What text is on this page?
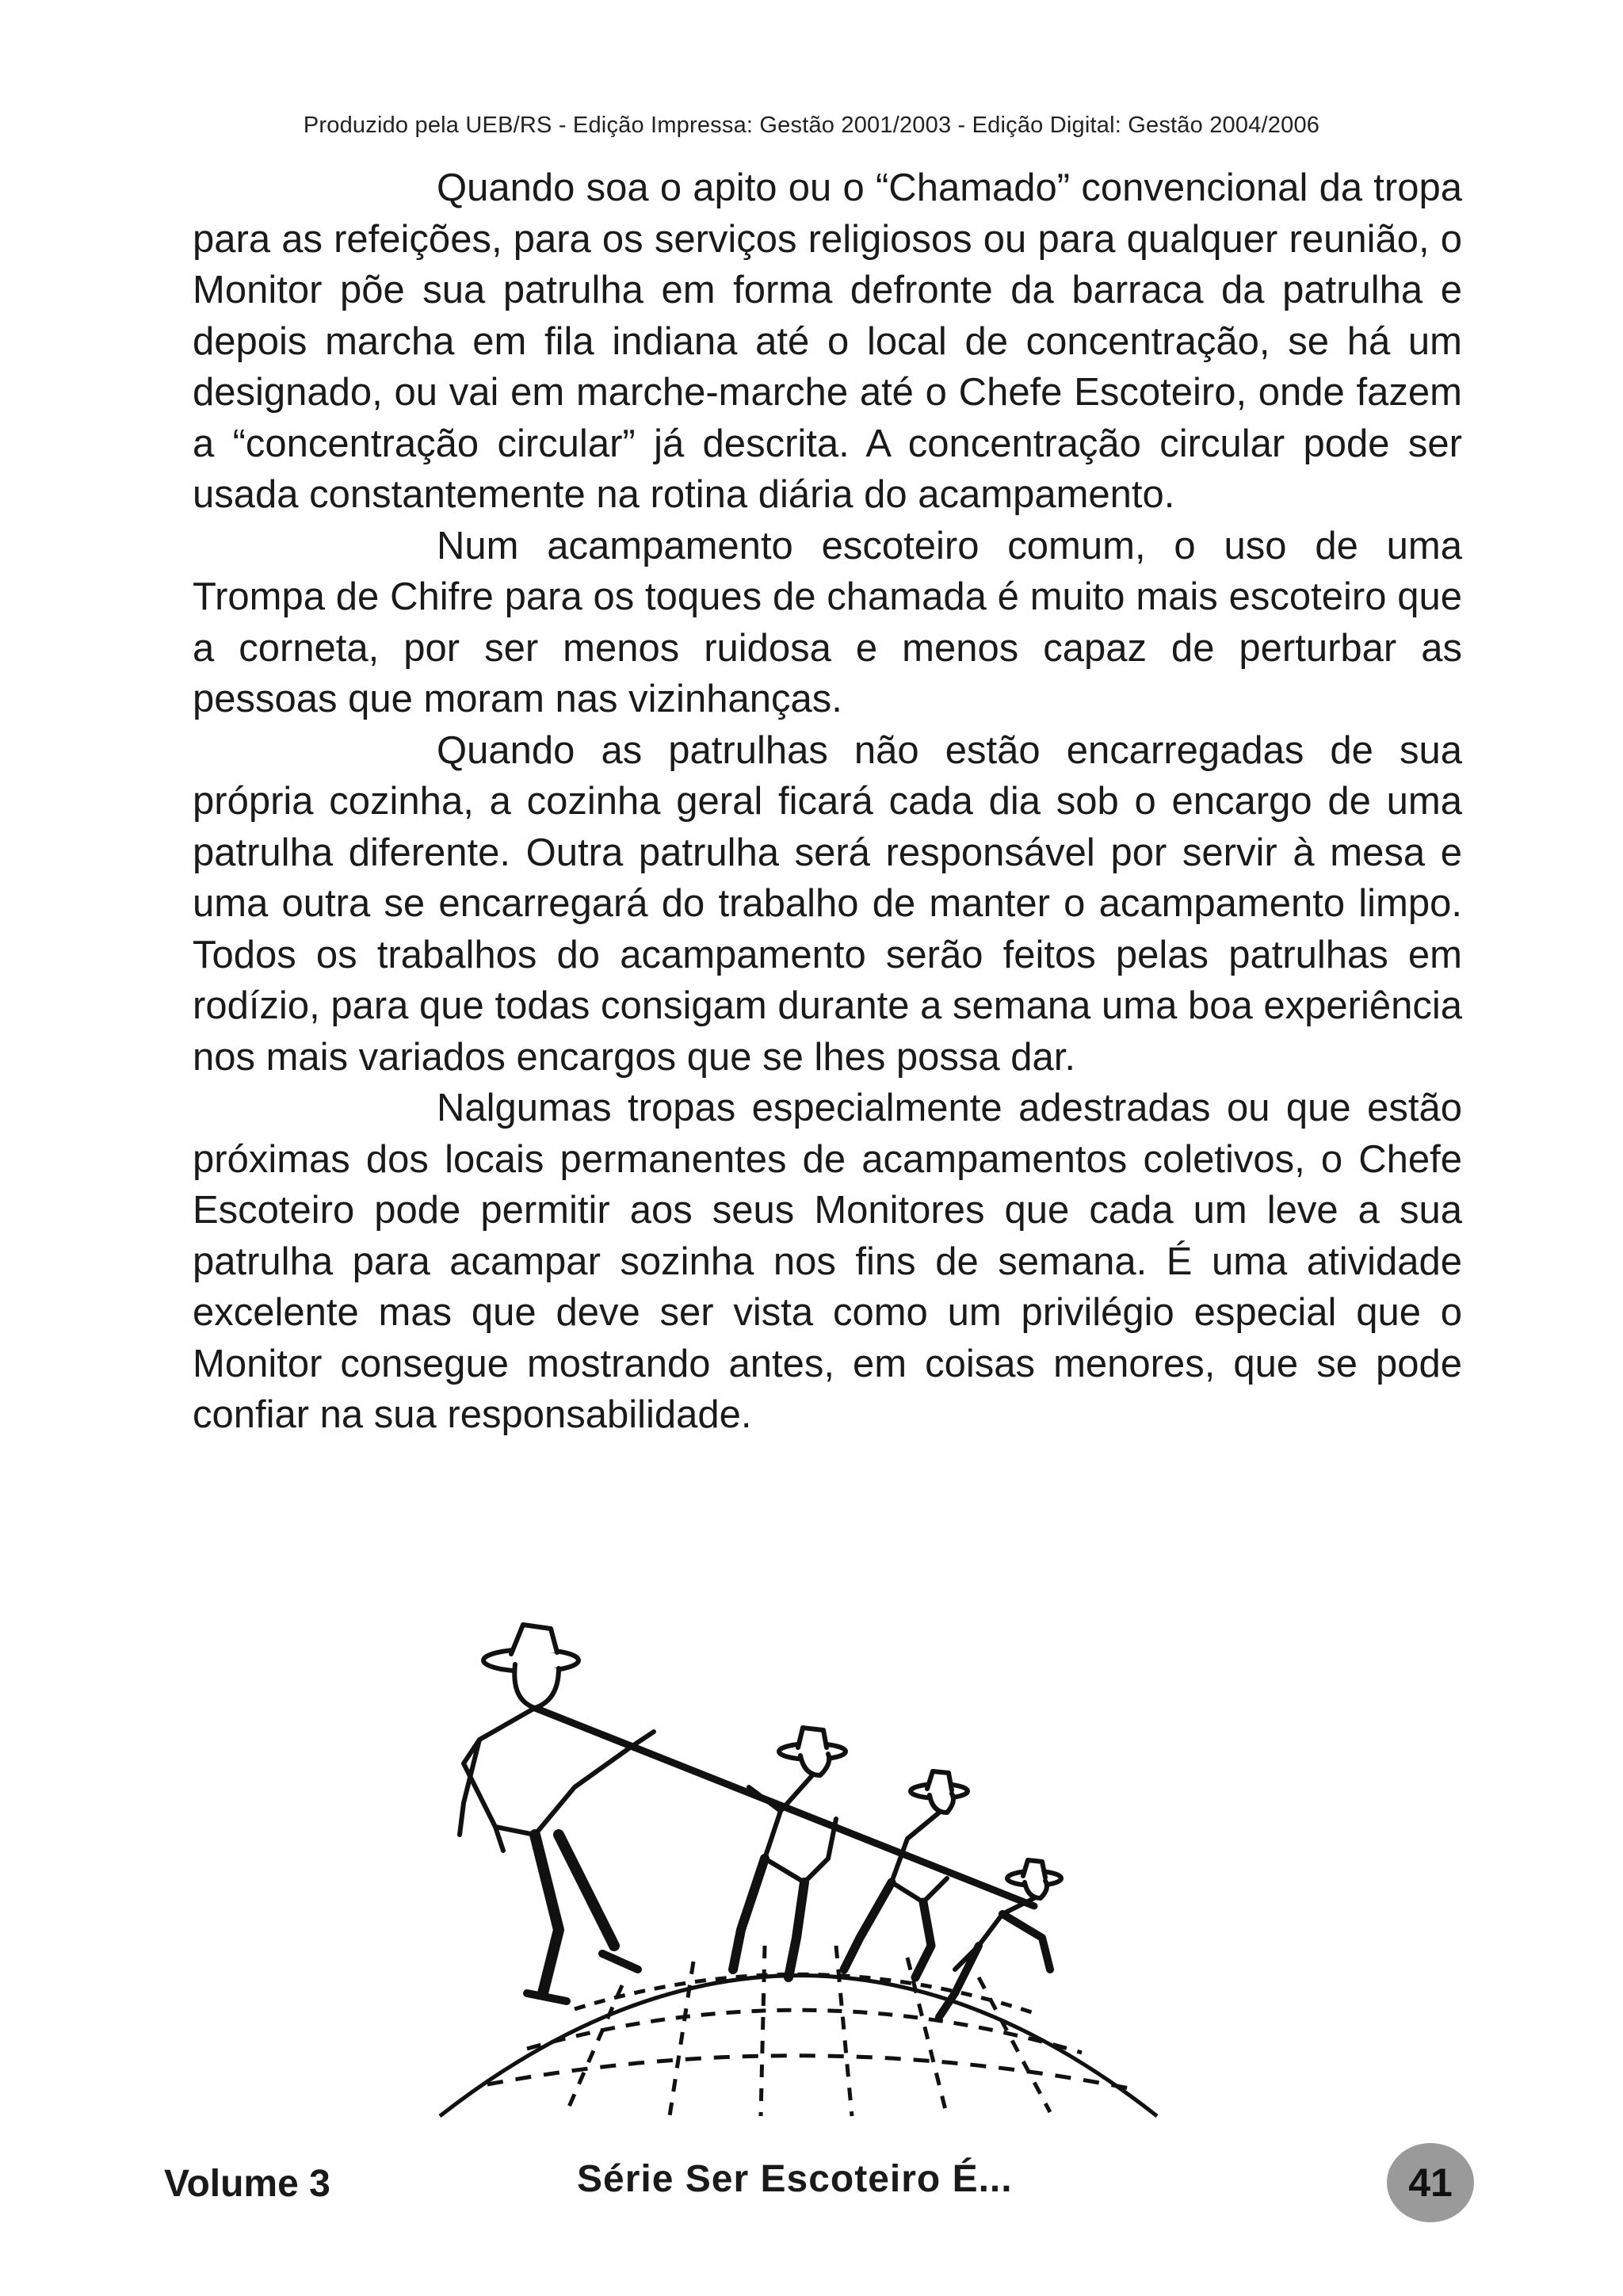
Produzido pela UEB/RS - Edição Impressa: Gestão 2001/2003 - Edição Digital: Gestão 2004/2006

Quando soa o apito ou o “Chamado” convencional da tropa para as refeições, para os serviços religiosos ou para qualquer reunião, o Monitor põe sua patrulha em forma defronte da barraca da patrulha e depois marcha em fila indiana até o local de concentração, se há um designado, ou vai em marche-marche até o Chefe Escoteiro, onde fazem a “concentração circular” já descrita. A concentração circular pode ser usada constantemente na rotina diária do acampamento.

Num acampamento escoteiro comum, o uso de uma Trompa de Chifre para os toques de chamada é muito mais escoteiro que a corneta, por ser menos ruidosa e menos capaz de perturbar as pessoas que moram nas vizinhanças.

Quando as patrulhas não estão encarregadas de sua própria cozinha, a cozinha geral ficará cada dia sob o encargo de uma patrulha diferente. Outra patrulha será responsável por servir à mesa e uma outra se encarregará do trabalho de manter o acampamento limpo. Todos os trabalhos do acampamento serão feitos pelas patrulhas em rodízio, para que todas consigam durante a semana uma boa experiência nos mais variados encargos que se lhes possa dar.

Nalgumas tropas especialmente adestradas ou que estão próximas dos locais permanentes de acampamentos coletivos, o Chefe Escoteiro pode permitir aos seus Monitores que cada um leve a sua patrulha para acampar sozinha nos fins de semana. É uma atividade excelente mas que deve ser vista como um privilégio especial que o Monitor consegue mostrando antes, em coisas menores, que se pode confiar na sua responsabilidade.

Volume 3	Série Ser Escoteiro É...	41
